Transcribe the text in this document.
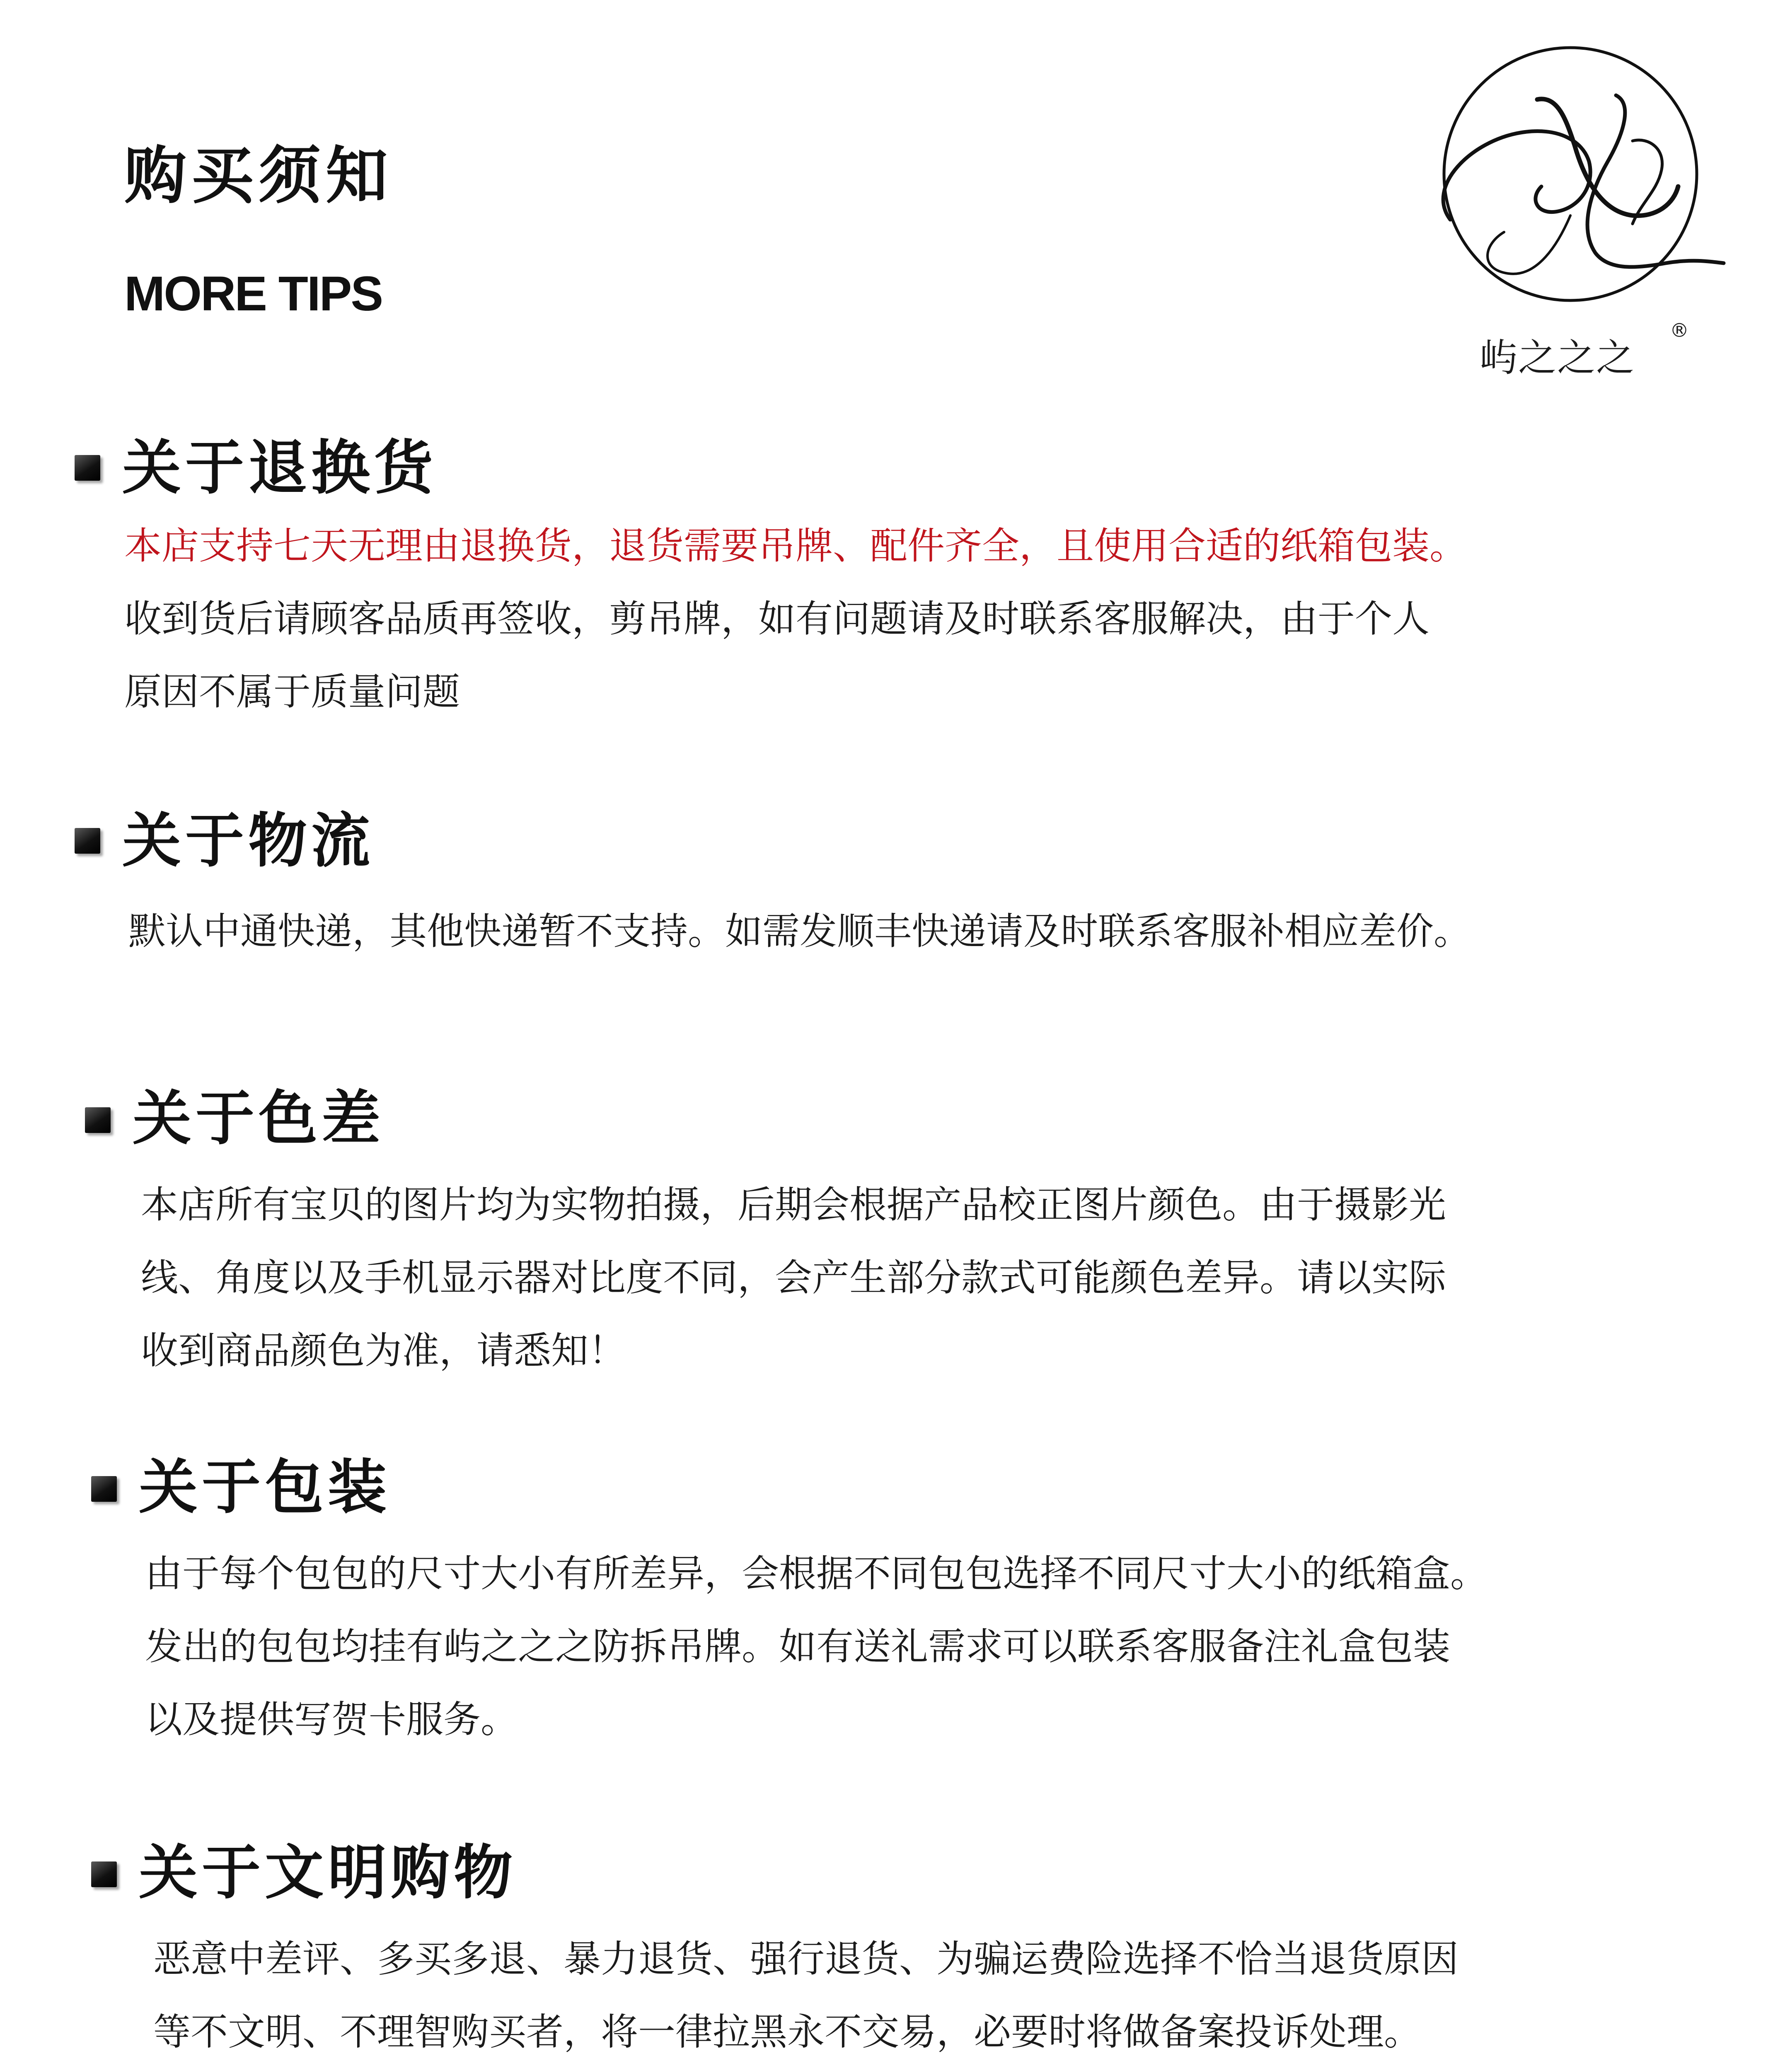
购买须知
MORE TIPS
屿之之之
®
关于退换货
本店支持七天无理由退换货，退货需要吊牌、配件齐全，且使用合适的纸箱包装。
收到货后请顾客品质再签收，剪吊牌，如有问题请及时联系客服解决，由于个人
原因不属于质量问题
关于物流
默认中通快递，其他快递暂不支持。如需发顺丰快递请及时联系客服补相应差价。
关于色差
本店所有宝贝的图片均为实物拍摄，后期会根据产品校正图片颜色。由于摄影光
线、角度以及手机显示器对比度不同，会产生部分款式可能颜色差异。请以实际
收到商品颜色为准，请悉知！
关于包装
由于每个包包的尺寸大小有所差异，会根据不同包包选择不同尺寸大小的纸箱盒。
发出的包包均挂有屿之之之防拆吊牌。如有送礼需求可以联系客服备注礼盒包装
以及提供写贺卡服务。
关于文明购物
恶意中差评、多买多退、暴力退货、强行退货、为骗运费险选择不恰当退货原因
等不文明、不理智购买者，将一律拉黑永不交易，必要时将做备案投诉处理。
